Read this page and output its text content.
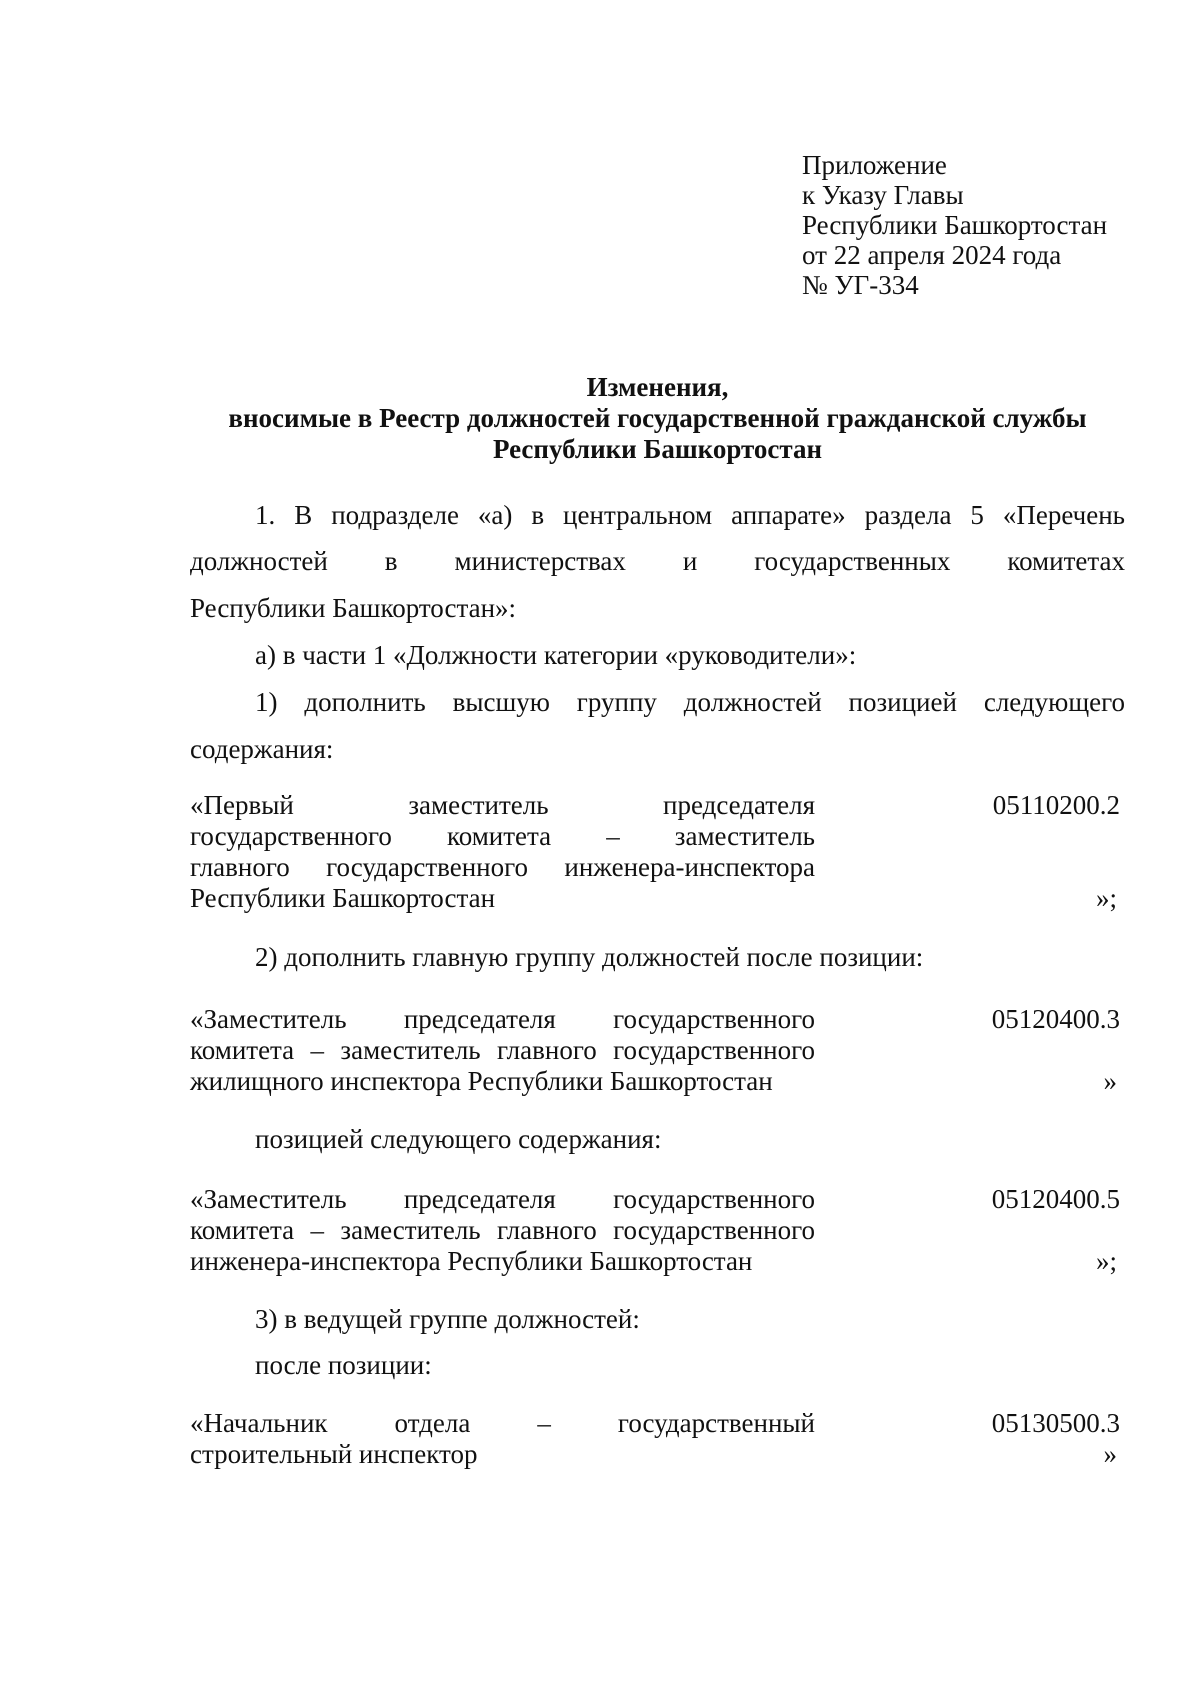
Приложение
к Указу Главы
Республики Башкортостан
от 22 апреля 2024 года
№ УГ-334
Изменения,
вносимые в Реестр должностей государственной гражданской службы
Республики Башкортостан
1. В подразделе «а) в центральном аппарате» раздела 5 «Перечень
должностей в министерствах и государственных комитетах
Республики Башкортостан»:
а) в части 1 «Должности категории «руководители»:
1) дополнить высшую группу должностей позицией следующего
содержания:
«Первый заместитель председателя
государственного комитета – заместитель
главного государственного инженера-инспектора
Республики Башкортостан
05110200.2
»;
2) дополнить главную группу должностей после позиции:
«Заместитель председателя государственного
комитета – заместитель главного государственного
жилищного инспектора Республики Башкортостан
05120400.3
»
позицией следующего содержания:
«Заместитель председателя государственного
комитета – заместитель главного государственного
инженера-инспектора Республики Башкортостан
05120400.5
»;
3) в ведущей группе должностей:
после позиции:
«Начальник отдела – государственный
строительный инспектор
05130500.3
»
